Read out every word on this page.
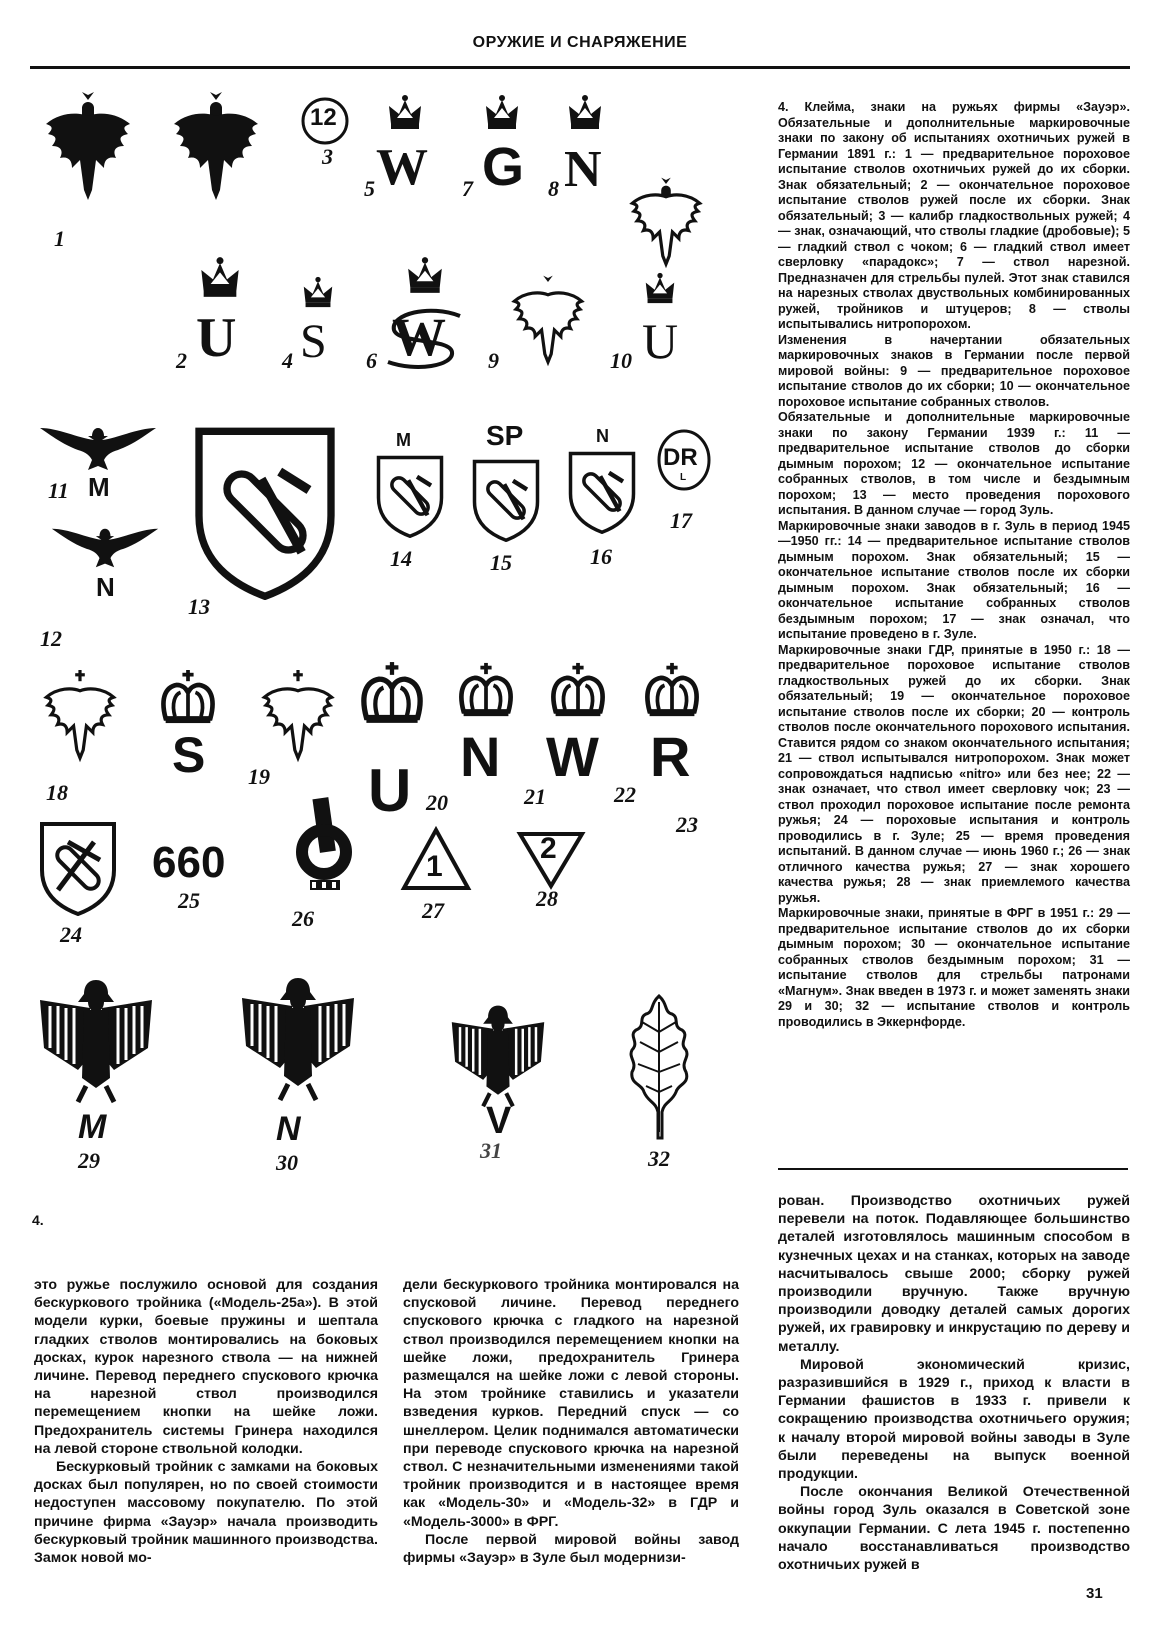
ОРУЖИЕ И СНАРЯЖЕНИЕ
1
12
3
5 W 7 G 8 N
2 U 4 S 6 W 9	10 U
M
11
N
12
13
M
14
SP
15
N
16
DR
L
17
18
S 19 U 20
N
21
W
22
R
23
24
660
25
26
1
27
2
28
M
29
N
30
V
31	32
4.

4. Клейма, знаки на ружьях фирмы «Зауэр». Обязательные и дополнительные маркировочные знаки по закону об испытаниях охотничьих ружей в Германии 1891 г.: 1 — предварительное пороховое испытание стволов охотничьих ружей до их сборки. Знак обязательный; 2 — окончательное пороховое испытание стволов ружей после их сборки. Знак обязательный; 3 — калибр гладкоствольных ружей; 4 — знак, означающий, что стволы гладкие (дробовые); 5 — гладкий ствол с чоком; 6 — гладкий ствол имеет сверловку «парадокс»; 7 — ствол нарезной. Предназначен для стрельбы пулей. Этот знак ставился на нарезных стволах двуствольных комбинированных ружей, тройников и штуцеров; 8 — стволы испытывались нитропорохом.

Изменения в начертании обязательных маркировочных знаков в Германии после первой мировой войны: 9 — предварительное пороховое испытание стволов до их сборки; 10 — окончательное пороховое испытание собранных стволов.

Обязательные и дополнительные маркировочные знаки по закону Германии 1939 г.: 11 — предварительное испытание стволов до сборки дымным порохом; 12 — окончательное испытание собранных стволов, в том числе и бездымным порохом; 13 — место проведения порохового испытания. В данном случае — город Зуль.

Маркировочные знаки заводов в г. Зуль в период 1945—1950 гг.: 14 — предварительное испытание стволов дымным порохом. Знак обязательный; 15 — окончательное испытание стволов после их сборки дымным порохом. Знак обязательный; 16 — окончательное испытание собранных стволов бездымным порохом; 17 — знак означал, что испытание проведено в г. Зуле.

Маркировочные знаки ГДР, принятые в 1950 г.: 18 — предварительное пороховое испытание стволов гладкоствольных ружей до их сборки. Знак обязательный; 19 — окончательное пороховое испытание стволов после их сборки; 20 — контроль стволов после окончательного порохового испытания. Ставится рядом со знаком окончательного испытания; 21 — ствол испытывался нитропорохом. Знак может сопровождаться надписью «nitro» или без нее; 22 — знак означает, что ствол имеет сверловку чок; 23 — ствол проходил пороховое испытание после ремонта ружья; 24 — пороховые испытания и контроль проводились в г. Зуле; 25 — время проведения испытаний. В данном случае — июнь 1960 г.; 26 — знак отличного качества ружья; 27 — знак хорошего качества ружья; 28 — знак приемлемого качества ружья.

Маркировочные знаки, принятые в ФРГ в 1951 г.: 29 — предварительное испытание стволов до их сборки дымным порохом; 30 — окончательное испытание собранных стволов бездымным порохом; 31 — испытание стволов для стрельбы патронами «Магнум». Знак введен в 1973 г. и может заменять знаки 29 и 30; 32 — испытание стволов и контроль проводились в Эккернфорде.

это ружье послужило основой для создания бескуркового тройника («Модель-25а»). В этой модели курки, боевые пружины и шептала гладких стволов монтировались на боковых досках, курок нарезного ствола — на нижней личине. Перевод переднего спускового крючка на нарезной ствол производился перемещением кнопки на шейке ложи. Предохранитель системы Гринера находился на левой стороне ствольной колодки.

Бескурковый тройник с замками на боковых досках был популярен, но по своей стоимости недоступен массовому покупателю. По этой причине фирма «Зауэр» начала производить бескурковый тройник машинного производства. Замок новой мо-

дели бескуркового тройника монтировался на спусковой личине. Перевод переднего спускового крючка с гладкого на нарезной ствол производился перемещением кнопки на шейке ложи, предохранитель Гринера размещался на шейке ложи с левой стороны. На этом тройнике ставились и указатели взведения курков. Передний спуск — со шнеллером. Целик поднимался автоматически при переводе спускового крючка на нарезной ствол. С незначительными изменениями такой тройник производится и в настоящее время как «Модель-30» и «Модель-32» в ГДР и «Модель-3000» в ФРГ.

После первой мировой войны завод фирмы «Зауэр» в Зуле был модернизи-

рован. Производство охотничьих ружей перевели на поток. Подавляющее большинство деталей изготовлялось машинным способом в кузнечных цехах и на станках, которых на заводе насчитывалось свыше 2000; сборку ружей производили вручную. Также вручную производили доводку деталей самых дорогих ружей, их гравировку и инкрустацию по дереву и металлу.

Мировой экономический кризис, разразившийся в 1929 г., приход к власти в Германии фашистов в 1933 г. привели к сокращению производства охотничьего оружия; к началу второй мировой войны заводы в Зуле были переведены на выпуск военной продукции.

После окончания Великой Отечественной войны город Зуль оказался в Советской зоне оккупации Германии. С лета 1945 г. постепенно начало восстанавливаться производство охотничьих ружей в

31
